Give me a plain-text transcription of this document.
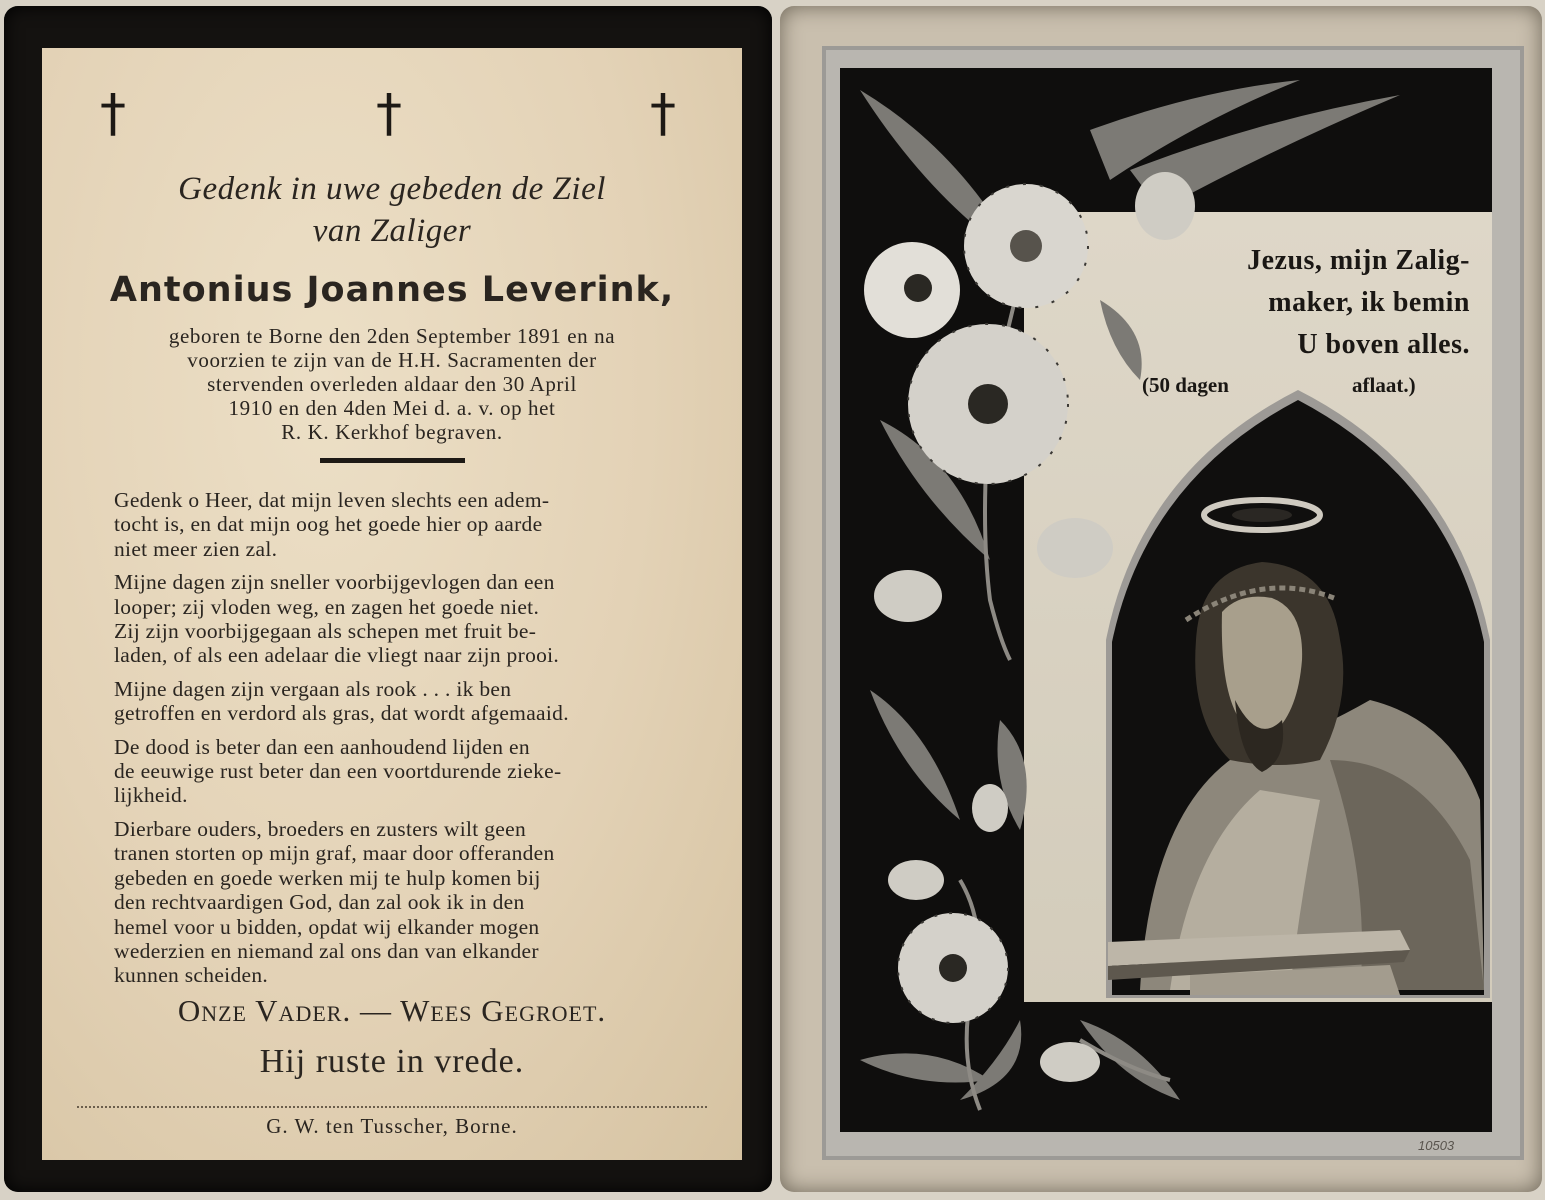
†	†	†
Gedenk in uwe gebeden de Ziel
van Zaliger
Antonius Joannes Leverink,
geboren te Borne den 2den September 1891 en na
voorzien te zijn van de H.H. Sacramenten der
stervenden overleden aldaar den 30 April
1910 en den 4den Mei d. a. v. op het
R. K. Kerkhof begraven.

Gedenk o Heer, dat mijn leven slechts een adem-
tocht is, en dat mijn oog het goede hier op aarde
niet meer zien zal.

Mijne dagen zijn sneller voorbijgevlogen dan een
looper; zij vloden weg, en zagen het goede niet.
Zij zijn voorbijgegaan als schepen met fruit be-
laden, of als een adelaar die vliegt naar zijn prooi.

Mijne dagen zijn vergaan als rook . . . ik ben
getroffen en verdord als gras, dat wordt afgemaaid.

De dood is beter dan een aanhoudend lijden en
de eeuwige rust beter dan een voortdurende zieke-
lijkheid.

Dierbare ouders, broeders en zusters wilt geen
tranen storten op mijn graf, maar door offeranden
gebeden en goede werken mij te hulp komen bij
den rechtvaardigen God, dan zal ook ik in den
hemel voor u bidden, opdat wij elkander mogen
wederzien en niemand zal ons dan van elkander
kunnen scheiden.

Onze Vader. — Wees Gegroet.
Hij ruste in vrede.
G. W. ten Tusscher, Borne.
Jezus, mijn Zalig-
maker, ik bemin
U boven alles.
(50 dagen	aflaat.)
10503
